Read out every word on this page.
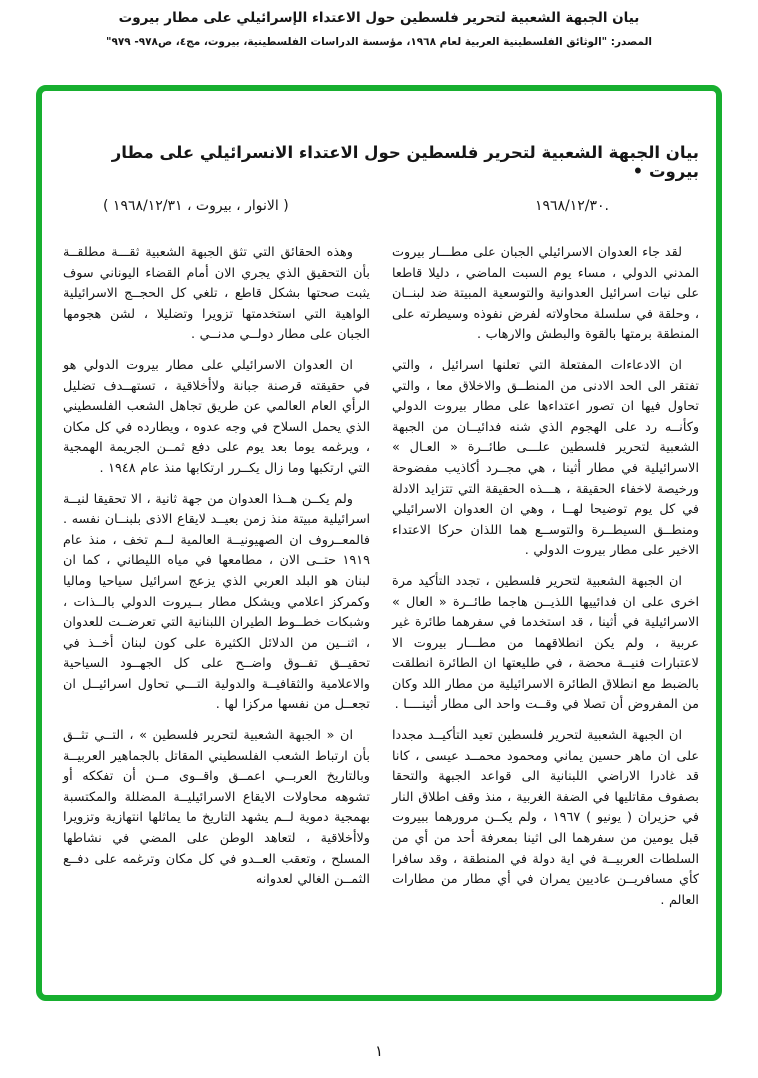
بيان الجبهة الشعبية لتحرير فلسطين حول الاعتداء الإسرائيلي على مطار بيروت
المصدر: "الوثائق الفلسطينية العربية لعام ١٩٦٨، مؤسسة الدراسات الفلسطينية، بيروت، مج٤، ص٩٧٨- ٩٧٩"
بيان الجبهة الشعبية لتحرير فلسطين حول الاعتداء الانسرائيلي على مطار بيروت •
١٩٦٨/١٢/٣٠.
( الانوار ، بيروت ، ١٩٦٨/١٢/٣١ )

لقد جاء العدوان الاسرائيلي الجبان على مطـــار بيروت المدني الدولي ، مساء يوم السبت الماضي ، دليلا قاطعا على نيات اسرائيل العدوانية والتوسعية المبيتة ضد لبنــان ، وحلقة في سلسلة محاولاته لفرض نفوذه وسيطرته على المنطقة برمتها بالقوة والبطش والارهاب .

ان الادعاءات المفتعلة التي تعلنها اسرائيل ، والتي تفتقر الى الحد الادنى من المنطــق والاخلاق معا ، والتي تحاول فيها ان تصور اعتداءها على مطار بيروت الدولي وكأنــه رد على الهجوم الذي شنه فدائيــان من الجبهة الشعبية لتحرير فلسطين علـــى طائــرة « العـال » الاسرائيلية في مطار أثينا ، هي مجــرد أكاذيب مفضوحة ورخيصة لاخفاء الحقيقة ، هـــذه الحقيقة التي تتزايد الادلة في كل يوم توضيحا لهــا ، وهي ان العدوان الاسرائيلي ومنطــق السيطــرة والتوســع هما اللذان حركا الاعتداء الاخير على مطار بيروت الدولي .

ان الجبهة الشعبية لتحرير فلسطين ، تجدد التأكيد مرة اخرى على ان فدائييها اللذيــن هاجما طائــرة « العال » الاسرائيلية في أثينا ، قد استخدما في سفرهما طائرة غير عربية ، ولم يكن انطلاقهما من مطـــار بيروت الا لاعتبارات فنيــة محضة ، في طليعتها ان الطائرة انطلقت بالضبط مع انطلاق الطائرة الاسرائيلية من مطار اللد وكان من المفروض أن تصلا في وقــت واحد الى مطار أثينــــا .

ان الجبهة الشعبية لتحرير فلسطين تعيد التأكيــد مجددا على ان ماهر حسين يماني ومحمود محمــد عيسى ، كانا قد غادرا الاراضي اللبنانية الى قواعد الجبهة والتحقا بصفوف مقاتليها في الضفة الغربية ، منذ وقف اطلاق النار في حزيران ( يونيو ) ١٩٦٧ ، ولم يكــن مرورهما ببيروت قبل يومين من سفرهما الى اثينا بمعرفة أحد من أي من السلطات العربيــة في اية دولة في المنطقة ، وقد سافرا كأي مسافريــن عاديين يمران في أي مطار من مطارات العالم .

وهذه الحقائق التي تثق الجبهة الشعبية ثقـــة مطلقــة بأن التحقيق الذي يجري الان أمام القضاء اليوناني سوف يثبت صحتها بشكل قاطع ، تلغي كل الحجــج الاسرائيلية الواهية التي استخدمتها تزويرا وتضليلا ، لشن هجومها الجبان على مطار دولــي مدنــي .

ان العدوان الاسرائيلي على مطار بيروت الدولي هو في حقيقته قرصنة جبانة ولاأخلاقية ، تستهــدف تضليل الرأي العام العالمي عن طريق تجاهل الشعب الفلسطيني الذي يحمل السلاح في وجه عدوه ، ويطارده في كل مكان ، ويرغمه يوما بعد يوم على دفع ثمــن الجريمة الهمجية التي ارتكبها وما زال يكــرر ارتكابها منذ عام ١٩٤٨ .

ولم يكــن هــذا العدوان من جهة ثانية ، الا تحقيقا لنيــة اسرائيلية مبيتة منذ زمن بعيــد لايقاع الاذى بلبنــان نفسه . فالمعــروف ان الصهيونيــة العالمية لــم تخف ، منذ عام ١٩١٩ حتــى الان ، مطامعها في مياه الليطاني ، كما ان لبنان هو البلد العربي الذي يزعج اسرائيل سياحيا وماليا وكمركز اعلامي ويشكل مطار بــيروت الدولي بالــذات ، وشبكات خطــوط الطيران اللبنانية التي تعرضــت للعدوان ، اثنــين من الدلائل الكثيرة على كون لبنان أخــذ في تحقيــق تفــوق واضــح على كل الجهــود السياحية والاعلامية والثقافيــة والدولية التـــي تحاول اسرائيــل ان تجعــل من نفسها مركزا لها .

ان « الجبهة الشعبية لتحرير فلسطين » ، التــي تثــق بأن ارتباط الشعب الفلسطيني المقاتل بالجماهير العربيــة وبالتاريخ العربــي اعمــق واقــوى مــن أن تفككه أو تشوهه محاولات الايقاع الاسرائيليــة المضللة والمكتسبة بهمجية دموية لــم يشهد التاريخ ما يماثلها انتهازية وتزويرا ولاأخلاقية ، لتعاهد الوطن على المضي في نشاطها المسلح ، وتعقب العــدو في كل مكان وترغمه على دفــع الثمــن الغالي لعدوانه

١
